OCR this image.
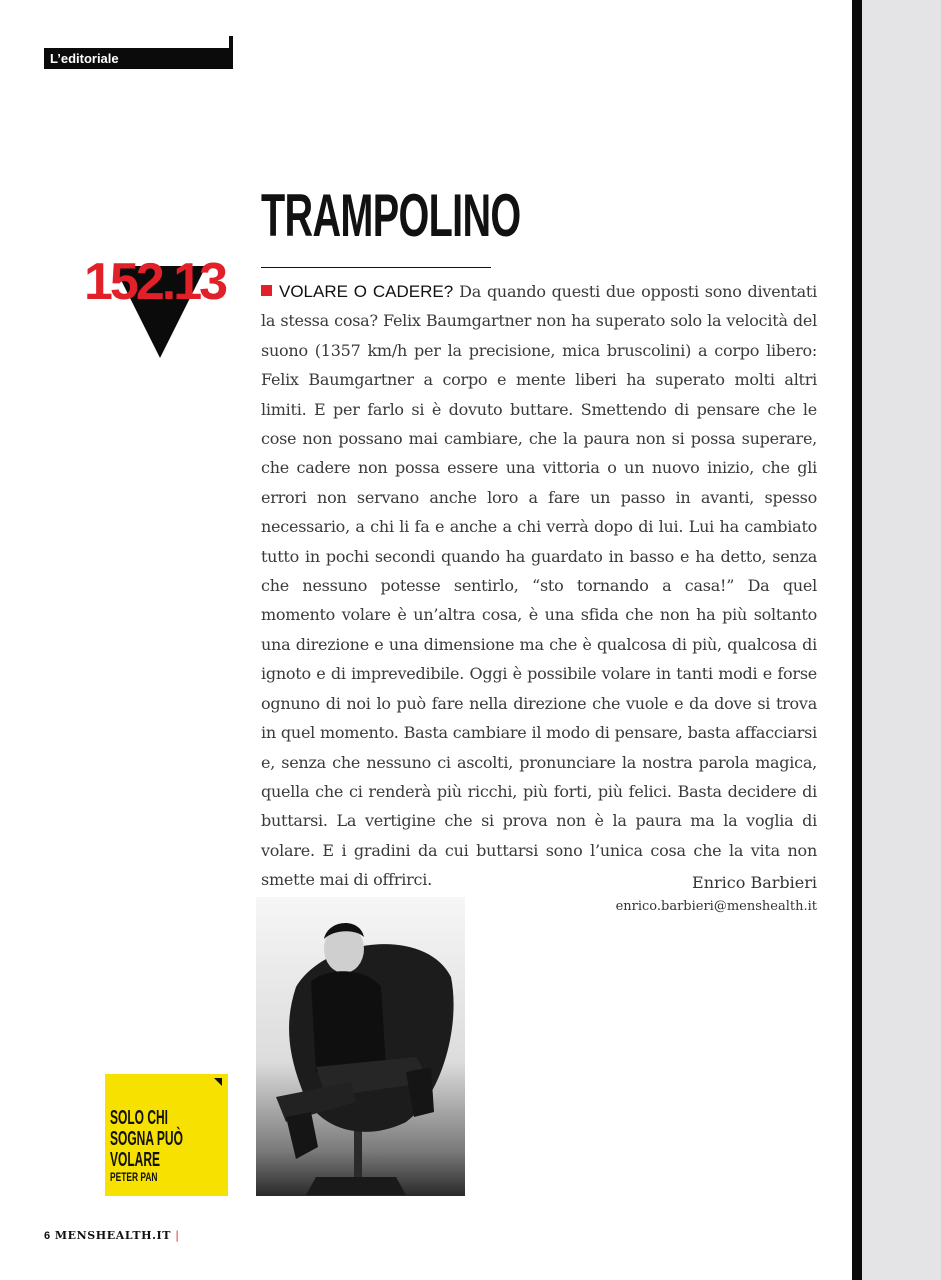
L’editoriale
TRAMPOLINO
152.13	VOLARE O CADERE? Da quando questi due opposti sono diventati la stessa cosa? Felix Baumgartner non ha superato solo la velocità del suono (1357 km/h per la precisione, mica bruscolini) a corpo libero: Felix Baumgartner a corpo e mente liberi ha superato molti altri limiti. E per farlo si è dovuto buttare. Smettendo di pensare che le cose non possano mai cambiare, che la paura non si possa superare, che cadere non possa essere una vittoria o un nuovo inizio, che gli errori non servano anche loro a fare un passo in avanti, spesso necessario, a chi li fa e anche a chi verrà dopo di lui. Lui ha cambiato tutto in pochi secondi quando ha guardato in basso e ha detto, senza che nessuno potesse sentirlo, “sto tornando a casa!” Da quel momento volare è un’altra cosa, è una sfida che non ha più soltanto una direzione e una dimensione ma che è qualcosa di più, qualcosa di ignoto e di imprevedibile. Oggi è possibile volare in tanti modi e forse ognuno di noi lo può fare nella direzione che vuole e da dove si trova in quel momento. Basta cambiare il modo di pensare, basta affacciarsi e, senza che nessuno ci ascolti, pronunciare la nostra parola magica, quella che ci renderà più ricchi, più forti, più felici. Basta decidere di buttarsi. La vertigine che si prova non è la paura ma la voglia di volare. E i gradini da cui buttarsi sono l’unica cosa che la vita non smette mai di offrirci.	Enrico Barbieri
enrico.barbieri@menshealth.it

SOLO CHI SOGNA PUÒ VOLARE

PETER PAN
6 MENSHEALTH.IT |
